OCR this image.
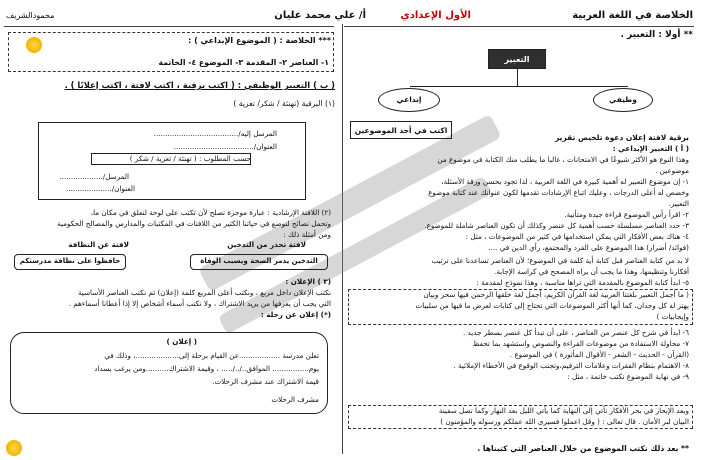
الخلاصة في اللغة العربية
الأول الإعدادي
أ/ علي محمد عليان
محمودالشريف
** أولا : التعبير .
التعبير
وظيفي
إبداعي
برقية لافتة إعلان دعوة تلخيص تقرير
اكتب في أحد الموضوعين
( أ ) التعبير الإبداعي :
وهذا النوع هو الأكثر شيوعًا في الامتحانات ، غالبا ما يطلب منك الكتابة في موضوع من
موضوعين .
١- إن موضوع التعبير له أهمية كبيرة في اللغة العربية ، لذا تجود بحسن ورقة الأسئلة،
وخصص له أعلى الدرجات ، وعليك اتباع الإرشادات تقدمها لكون عنوانك عند كتابة موضوع
التعبير.
٢- اقرأ رأس الموضوع قراءة جيدة ومتأنية.
٣- حدد العناصر مسلسلة حسب أهمية كل عنصر وكذلك أن تكون العناصر شاملة للموضوع.
٤- هناك بعض الأفكار التي يمكن استخدامها في كثير من الموضوعات ، مثل :
(فوائد/ أضرار) هذا الموضوع على الفرد والمجتمع، رأي الدين في ....
لا بد من كتابة العناصر قبل كتابة أية كلمة في الموضوع؛ لأن العناصر تساعدنا على ترتيب
أفكارنا وتنظيمها، وهذا ما يجب أن يراه المصحح في كراسة الإجابة.
٥- ابدأ كتابة الموضوع بالمقدمة التي تراها مناسبة ، وهذا نموذج لمقدمة :
( ما أجمل التعبير بلغتنا العربية لغة القرآن الكريم، أجمل لغة خلقها الرحمن فيها سحر وبيان
يهتز له كل وجدان، كما أنها أكثر الموضوعات التي تحتاج إلى كتابات لعرض ما فيها من سلبيات
وإيجابيات )
٦- ابدأ في شرح كل عنصر من العناصر ، على أن تبدأ كل عنصر بسطر جديد .
٧- محاولة الاستفادة من موضوعات القراءة والنصوص واستشهد بما تحفظ
(القرآن - الحديث - الشعر - الأقوال المأثورة ) في الموضوع .
٨- الاهتمام بنظام الفقرات وعلامات الترقيم،وتجنب الوقوع في الأخطاء الإملائية .
٩- في نهاية الموضوع نكتب خاتمة ، مثل :
وبعد الإبحار في بحر الأفكار نأتي إلى النهاية كما يأتي الليل بعد النهار وكما تصل سفينة
البيان لبر الأمان . قال تعالى : ( وقل اعملوا فسيرى الله عملكم ورسوله والمؤمنون )
** بعد ذلك نكتب الموضوع من خلال العناصر التي كتبناها .
*** الخلاصة : ( الموضوع الإبداعي ) :
١- العناصر ٢- المقدمة ٣- الموضوع ٤- الخاتمة
( ب ) التعبير الوظيفي : ( اكتب برقية ، اكتب لافتة ، اكتب إعلانًا ) .
(١) البرقية (تهنئة / شكر/ تعزية )
المرسل إليه/.....................................
العنوان/...................................
حسب المطلوب : ( تهنئة / تعزية / شكر )
المرسل/...................
العنوان/....................
(٢) اللافتة الإرشادية : عبارة موجزة تصلح لأن تكتب على لوحة لتعلق في مكان ما،
وتحمل نصائح لتوضع في حياتنا الكثير من اللافتات في المكتبات والمدارس والمصالح الحكومية
ومن أمثلة ذلك :
لافتة تحذر من التدخين
لافتة عن النظافة
التدخين يدمر الصحة ويسبب الوفاة
حافظوا على نظافة مدرستكم
(٣ ) الإعلان :
نكتب الإعلان داخل مربع ، ونكتب أعلى المربع كلمة (إعلان) ثم نكتب العناصر الأساسية
التي يجب أن يعرفها من يريد الاشتراك ، ولا نكتب أسماء أشخاص إلا إذا أعطانا أسماءهم .
(*) إعلان عن رحلة :
( إعلان )
تعلن مدرسة ..................عن القيام برحلة إلى...................، وذلك في
يوم................ الموافق../../..... ، وقيمة الاشتراك..........ومن يرغب بسداد
قيمة الاشتراك عند مشرف الرحلات.
مشرف الرحلات
